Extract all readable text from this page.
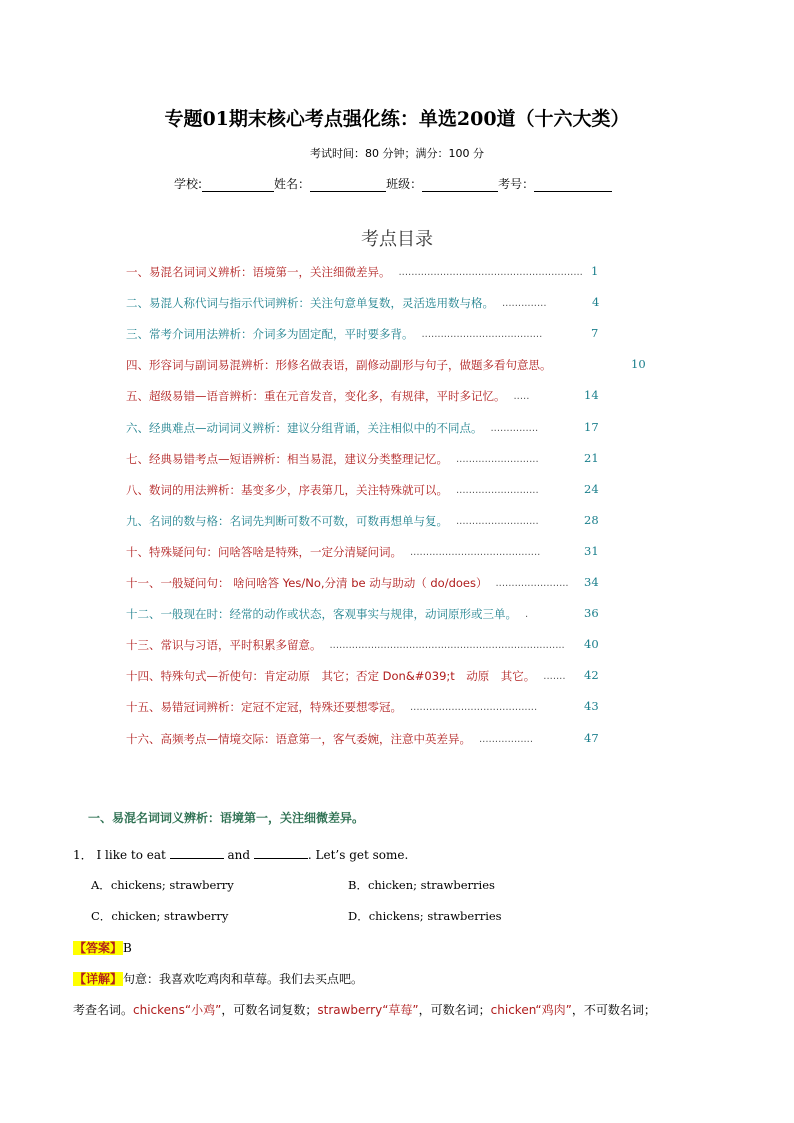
专题01期末核心考点强化练：单选200道（十六大类）
考试时间：80 分钟；满分：100 分
学校:	姓名：	班级：	考号：
考点目录
一、易混名词词义辨析：语境第一，关注细微差异。 .......................................................... 1
二、易混人称代词与指示代词辨析：关注句意单复数，灵活选用数与格。 ..............	4
三、常考介词用法辨析：介词多为固定配，平时要多背。 ......................................	7
四、形容词与副词易混辨析：形修名做表语，副修动副形与句子，做题多看句意思。	10
五、超级易错—语音辨析：重在元音发音，变化多，有规律，平时多记忆。 .....	14
六、经典难点—动词词义辨析：建议分组背诵，关注相似中的不同点。 ...............	17
七、经典易错考点—短语辨析：相当易混，建议分类整理记忆。 ..........................	21
八、数词的用法辨析：基变多少，序表第几，关注特殊就可以。 ..........................	24
九、名词的数与格：名词先判断可数不可数，可数再想单与复。 ..........................	28
十、特殊疑问句：问啥答啥是特殊，一定分清疑问词。 .........................................	31
十一、一般疑问句： 啥问啥答 Yes/No,分清 be 动与助动（ do/does） ....................... 34
十二、一般现在时：经常的动作或状态，客观事实与规律，动词原形或三单。 .	36
十三、常识与习语，平时积累多留意。 .......................................................................... 40
十四、特殊句式—祈使句：肯定动原　其它；否定 Don&#039;t　动原　其它。 ....... 42
十五、易错冠词辨析：定冠不定冠，特殊还要想零冠。 ........................................	43
十六、高频考点—情境交际：语意第一，客气委婉，注意中英差异。 .................	47
一、易混名词词义辨析：语境第一，关注细微差异。
1． I like to eat	and	. Let’s get some.
A．chickens; strawberry	B．chicken; strawberries
C．chicken; strawberry	D．chickens; strawberries
【答案】B
【详解】句意：我喜欢吃鸡肉和草莓。我们去买点吧。
考查名词。chickens“小鸡”，可数名词复数；strawberry“草莓”，可数名词；chicken“鸡肉”，不可数名词；
